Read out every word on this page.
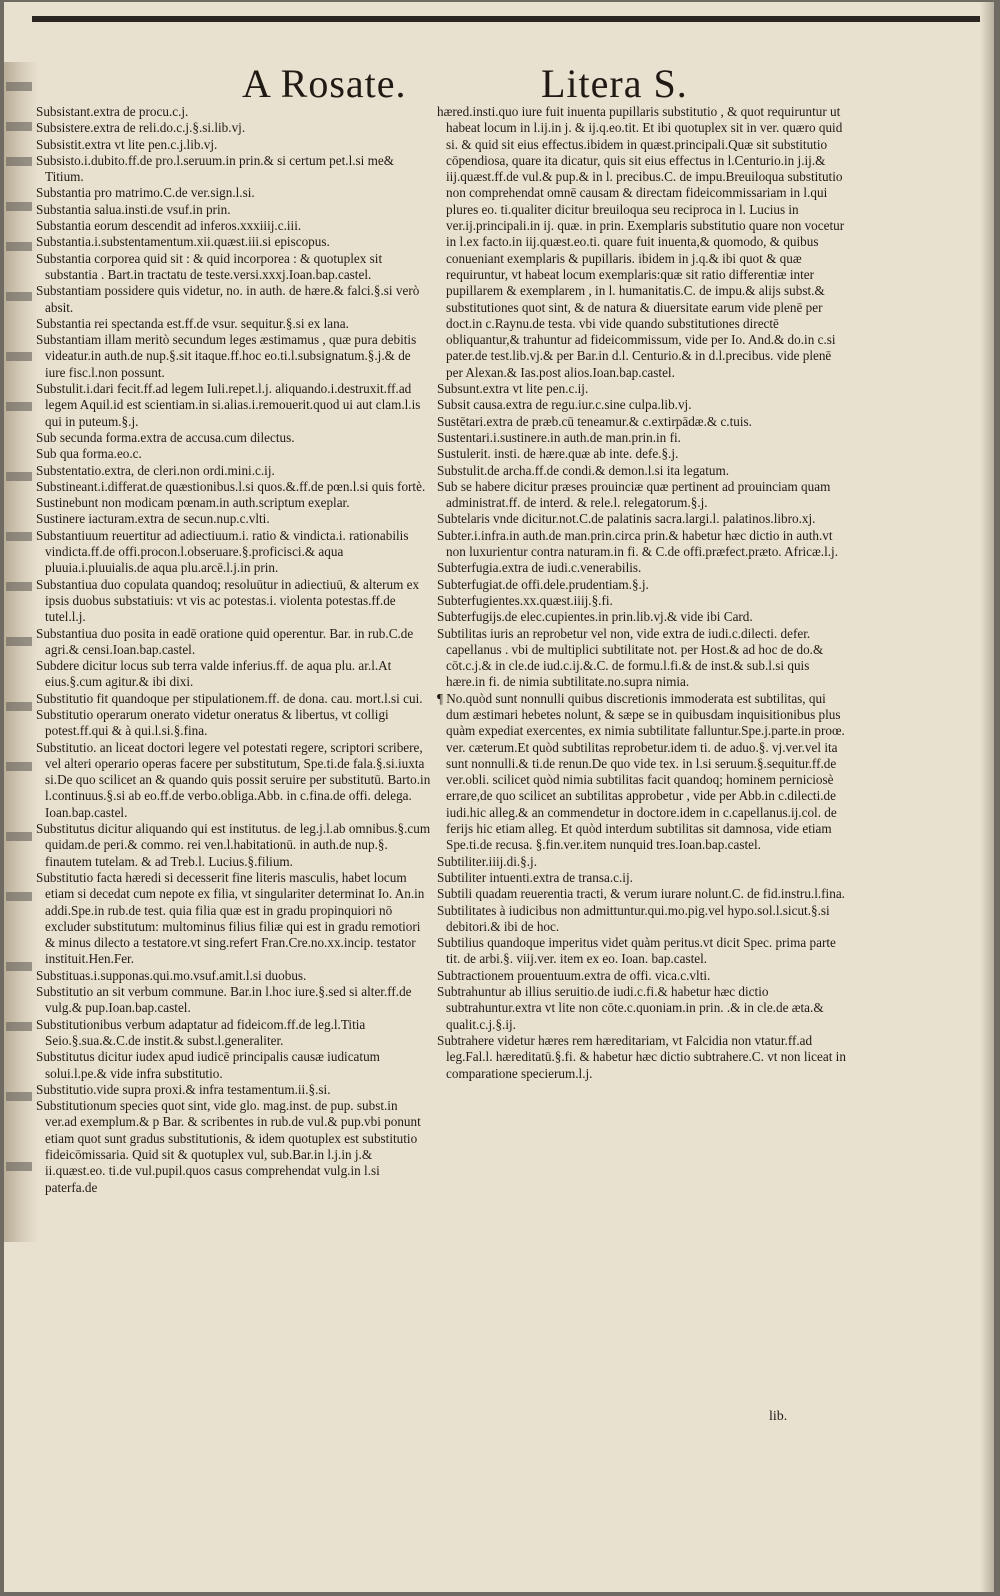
A Rosate.	Litera S.

Subsistant.extra de procu.c.j.

Subsistere.extra de reli.do.c.j.§.si.lib.vj.

Subsistit.extra vt lite pen.c.j.lib.vj.

Subsisto.i.dubito.ff.de pro.l.seruum.in prin.& si certum pet.l.si me& Titium.

Substantia pro matrimo.C.de ver.sign.l.si.

Substantia salua.insti.de vsuf.in prin.

Substantia eorum descendit ad inferos.xxxiiij.c.iii.

Substantia.i.substentamentum.xii.quæst.iii.si episcopus.

Substantia corporea quid sit : & quid incorporea : & quotuplex sit substantia . Bart.in tractatu de teste.versi.xxxj.Ioan.bap.castel.

Substantiam possidere quis videtur, no. in auth. de hære.& falci.§.si verò absit.

Substantia rei spectanda est.ff.de vsur. sequitur.§.si ex lana.

Substantiam illam meritò secundum leges æstimamus , quæ pura debitis videatur.in auth.de nup.§.sit itaque.ff.hoc eo.ti.l.subsignatum.§.j.& de iure fisc.l.non possunt.

Substulit.i.dari fecit.ff.ad legem Iuli.repet.l.j. aliquando.i.destruxit.ff.ad legem Aquil.id est scientiam.in si.alias.i.remouerit.quod ui aut clam.l.is qui in puteum.§.j.

Sub secunda forma.extra de accusa.cum dilectus.

Sub qua forma.eo.c.

Substentatio.extra, de cleri.non ordi.mini.c.ij.

Substineant.i.differat.de quæstionibus.l.si quos.&.ff.de pœn.l.si quis fortè.

Sustinebunt non modicam pœnam.in auth.scriptum exeplar.

Sustinere iacturam.extra de secun.nup.c.vlti.

Substantiuum reuertitur ad adiectiuum.i. ratio & vindicta.i. rationabilis vindicta.ff.de offi.procon.l.obseruare.§.proficisci.& aqua pluuia.i.pluuialis.de aqua plu.arcē.l.j.in prin.

Substantiua duo copulata quandoq; resoluūtur in adiectiuū, & alterum ex ipsis duobus substatiuis: vt vis ac potestas.i. violenta potestas.ff.de tutel.l.j.

Substantiua duo posita in eadē oratione quid operentur. Bar. in rub.C.de agri.& censi.Ioan.bap.castel.

Subdere dicitur locus sub terra valde inferius.ff. de aqua plu. ar.l.At eius.§.cum agitur.& ibi dixi.

Substitutio fit quandoque per stipulationem.ff. de dona. cau. mort.l.si cui.

Substitutio operarum onerato videtur oneratus & libertus, vt colligi potest.ff.qui & à qui.l.si.§.fina.

Substitutio. an liceat doctori legere vel potestati regere, scriptori scribere, vel alteri operario operas facere per substitutum, Spe.ti.de fala.§.si.iuxta si.De quo scilicet an & quando quis possit seruire per substitutū. Barto.in l.continuus.§.si ab eo.ff.de verbo.obliga.Abb. in c.fina.de offi. delega. Ioan.bap.castel.

Substitutus dicitur aliquando qui est institutus. de leg.j.l.ab omnibus.§.cum quidam.de peri.& commo. rei ven.l.habitationū. in auth.de nup.§. finautem tutelam. & ad Treb.l. Lucius.§.filium.

Substitutio facta hæredi si decesserit fine literis masculis, habet locum etiam si decedat cum nepote ex filia, vt singulariter determinat Io. An.in addi.Spe.in rub.de test. quia filia quæ est in gradu propinquiori nō excluder substitutum: multominus filius filiæ qui est in gradu remotiori & minus dilecto a testatore.vt sing.refert Fran.Cre.no.xx.incip. testator instituit.Hen.Fer.

Substituas.i.supponas.qui.mo.vsuf.amit.l.si duobus.

Substitutio an sit verbum commune. Bar.in l.hoc iure.§.sed si alter.ff.de vulg.& pup.Ioan.bap.castel.

Substitutionibus verbum adaptatur ad fideicom.ff.de leg.l.Titia Seio.§.sua.&.C.de instit.& subst.l.generaliter.

Substitutus dicitur iudex apud iudicē principalis causæ iudicatum solui.l.pe.& vide infra substitutio.

Substitutio.vide supra proxi.& infra testamentum.ii.§.si.

Substitutionum species quot sint, vide glo. mag.inst. de pup. subst.in ver.ad exemplum.& p Bar. & scribentes in rub.de vul.& pup.vbi ponunt etiam quot sunt gradus substitutionis, & idem quotuplex est substitutio fideicōmissaria. Quid sit & quotuplex vul, sub.Bar.in l.j.in j.& ii.quæst.eo. ti.de vul.pupil.quos casus comprehendat vulg.in l.si paterfa.de

hæred.insti.quo iure fuit inuenta pupillaris substitutio , & quot requiruntur ut habeat locum in l.ij.in j. & ij.q.eo.tit. Et ibi quotuplex sit in ver. quæro quid si. & quid sit eius effectus.ibidem in quæst.principali.Quæ sit substitutio cōpendiosa, quare ita dicatur, quis sit eius effectus in l.Centurio.in j.ij.& iij.quæst.ff.de vul.& pup.& in l. precibus.C. de impu.Breuiloqua substitutio non comprehendat omnē causam & directam fideicommissariam in l.qui plures eo. ti.qualiter dicitur breuiloqua seu reciproca in l. Lucius in ver.ij.principali.in ij. quæ. in prin. Exemplaris substitutio quare non vocetur in l.ex facto.in iij.quæst.eo.ti. quare fuit inuenta,& quomodo, & quibus conueniant exemplaris & pupillaris. ibidem in j.q.& ibi quot & quæ requiruntur, vt habeat locum exemplaris:quæ sit ratio differentiæ inter pupillarem & exemplarem , in l. humanitatis.C. de impu.& alijs subst.& substitutiones quot sint, & de natura & diuersitate earum vide plenē per doct.in c.Raynu.de testa. vbi vide quando substitutiones directē obliquantur,& trahuntur ad fideicommissum, vide per Io. And.& do.in c.si pater.de test.lib.vj.& per Bar.in d.l. Centurio.& in d.l.precibus. vide plenē per Alexan.& Ias.post alios.Ioan.bap.castel.

Subsunt.extra vt lite pen.c.ij.

Subsit causa.extra de regu.iur.c.sine culpa.lib.vj.

Sustētari.extra de præb.cū teneamur.& c.extirpādæ.& c.tuis.

Sustentari.i.sustinere.in auth.de man.prin.in fi.

Sustulerit. insti. de hære.quæ ab inte. defe.§.j.

Substulit.de archa.ff.de condi.& demon.l.si ita legatum.

Sub se habere dicitur præses prouinciæ quæ pertinent ad prouinciam quam administrat.ff. de interd. & rele.l. relegatorum.§.j.

Subtelaris vnde dicitur.not.C.de palatinis sacra.largi.l. palatinos.libro.xj.

Subter.i.infra.in auth.de man.prin.circa prin.& habetur hæc dictio in auth.vt non luxurientur contra naturam.in fi. & C.de offi.præfect.præto. Africæ.l.j.

Subterfugia.extra de iudi.c.venerabilis.

Subterfugiat.de offi.dele.prudentiam.§.j.

Subterfugientes.xx.quæst.iiij.§.fi.

Subterfugijs.de elec.cupientes.in prin.lib.vj.& vide ibi Card.

Subtilitas iuris an reprobetur vel non, vide extra de iudi.c.dilecti. defer. capellanus . vbi de multiplici subtilitate not. per Host.& ad hoc de do.& cōt.c.j.& in cle.de iud.c.ij.&.C. de formu.l.fi.& de inst.& sub.l.si quis hære.in fi. de nimia subtilitate.no.supra nimia.

¶ No.quòd sunt nonnulli quibus discretionis immoderata est subtilitas, qui dum æstimari hebetes nolunt, & sæpe se in quibusdam inquisitionibus plus quàm expediat exercentes, ex nimia subtilitate falluntur.Spe.j.parte.in proœ. ver. cæterum.Et quòd subtilitas reprobetur.idem ti. de aduo.§. vj.ver.vel ita sunt nonnulli.& ti.de renun.De quo vide tex. in l.si seruum.§.sequitur.ff.de ver.obli. scilicet quòd nimia subtilitas facit quandoq; hominem perniciosè errare,de quo scilicet an subtilitas approbetur , vide per Abb.in c.dilecti.de iudi.hic alleg.& an commendetur in doctore.idem in c.capellanus.ij.col. de ferijs hic etiam alleg. Et quòd interdum subtilitas sit damnosa, vide etiam Spe.ti.de recusa. §.fin.ver.item nunquid tres.Ioan.bap.castel.

Subtiliter.iiij.di.§.j.

Subtiliter intuenti.extra de transa.c.ij.

Subtili quadam reuerentia tracti, & verum iurare nolunt.C. de fid.instru.l.fina.

Subtilitates à iudicibus non admittuntur.qui.mo.pig.vel hypo.sol.l.sicut.§.si debitori.& ibi de hoc.

Subtilius quandoque imperitus videt quàm peritus.vt dicit Spec. prima parte tit. de arbi.§. viij.ver. item ex eo. Ioan. bap.castel.

Subtractionem prouentuum.extra de offi. vica.c.vlti.

Subtrahuntur ab illius seruitio.de iudi.c.fi.& habetur hæc dictio subtrahuntur.extra vt lite non cōte.c.quoniam.in prin. .& in cle.de æta.& qualit.c.j.§.ij.

Subtrahere videtur hæres rem hæreditariam, vt Falcidia non vtatur.ff.ad leg.Fal.l. hæreditatū.§.fi. & habetur hæc dictio subtrahere.C. vt non liceat in comparatione specierum.l.j.

lib.
